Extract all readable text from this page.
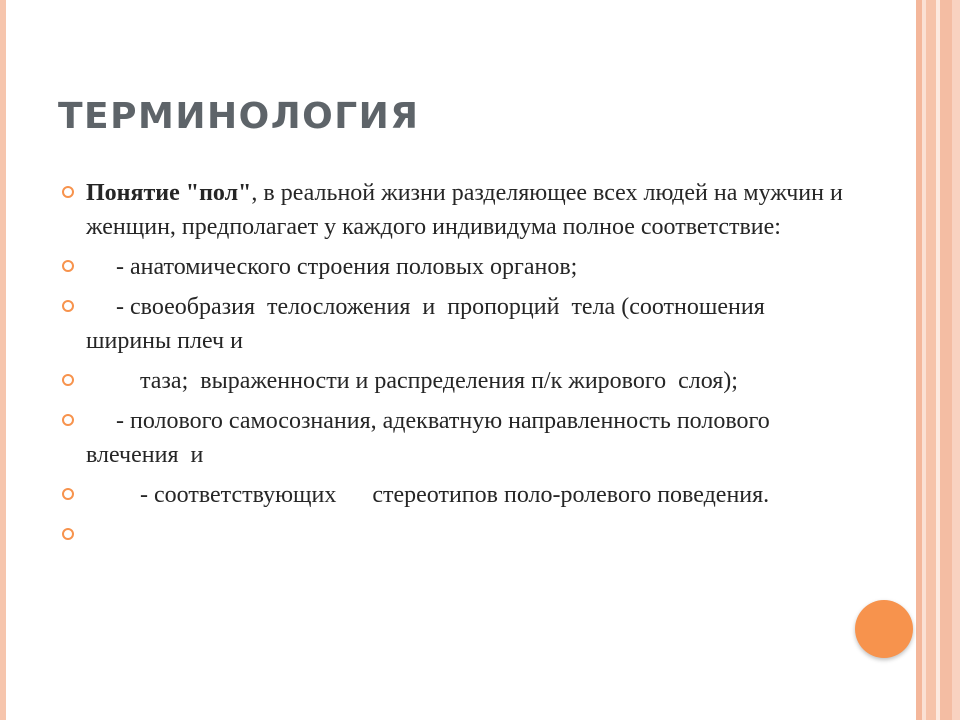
ТЕРМИНОЛОГИЯ
Понятие "пол", в реальной жизни разделяющее всех людей на мужчин и женщин, предполагает у каждого индивидума полное соответствие:
- анатомического строения половых органов;
- своеобразия  телосложения  и  пропорций  тела (соотношения ширины плеч и
таза;  выраженности и распределения п/к жирового  слоя);
- полового самосознания, адекватную направленность полового влечения  и
- соответствующих      стереотипов поло-ролевого поведения.
